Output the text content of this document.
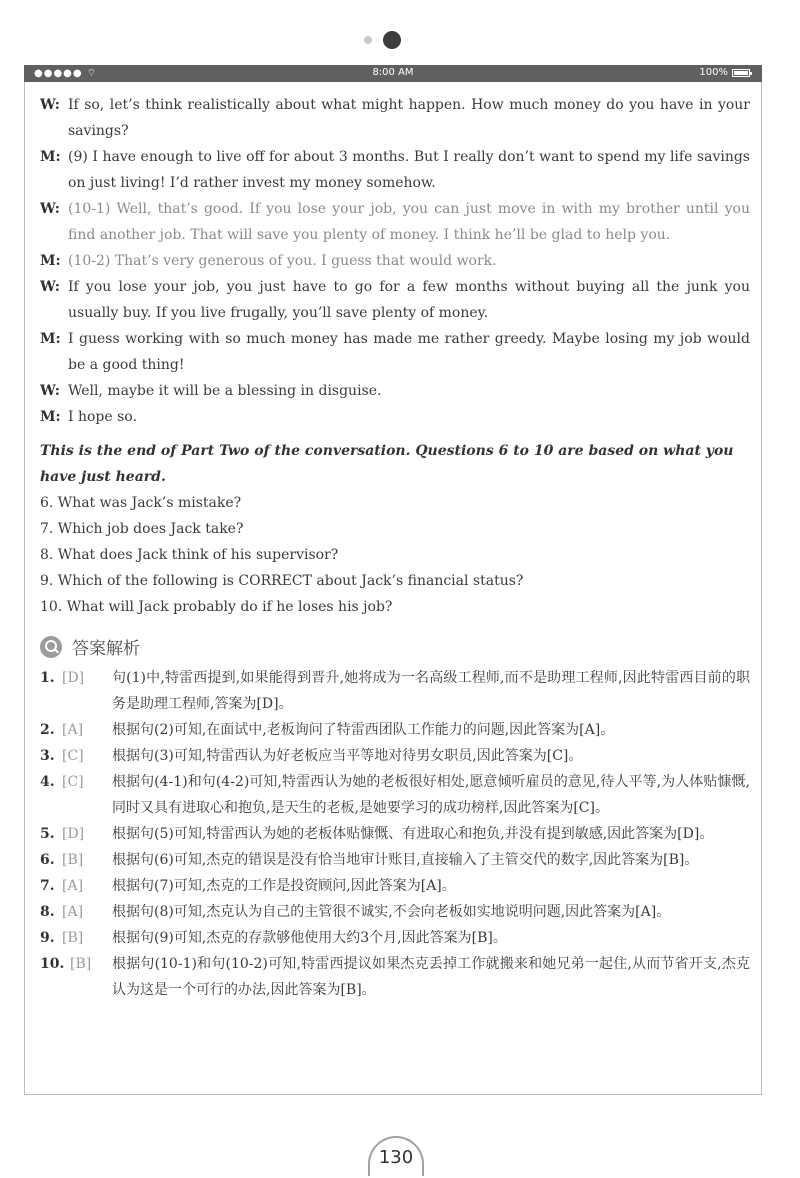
●●●●● ⌔	8:00 AM	100%
W: If so, let’s think realistically about what might happen. How much money do you have in your savings?
M: (9) I have enough to live off for about 3 months. But I really don’t want to spend my life savings on just living! I’d rather invest my money somehow.
W: (10-1) Well, that’s good. If you lose your job, you can just move in with my brother until you find another job. That will save you plenty of money. I think he’ll be glad to help you.
M: (10-2) That’s very generous of you. I guess that would work.
W: If you lose your job, you just have to go for a few months without buying all the junk you usually buy. If you live frugally, you’ll save plenty of money.
M: I guess working with so much money has made me rather greedy. Maybe losing my job would be a good thing!
W: Well, maybe it will be a blessing in disguise.
M: I hope so.
This is the end of Part Two of the conversation. Questions 6 to 10 are based on what you have just heard.
6. What was Jack’s mistake?
7. Which job does Jack take?
8. What does Jack think of his supervisor?
9. Which of the following is CORRECT about Jack’s financial status?
10. What will Jack probably do if he loses his job?
答案解析
1. [D] 句(1)中,特雷西提到,如果能得到晋升,她将成为一名高级工程师,而不是助理工程师,因此特雷西目前的职务是助理工程师,答案为[D]。
2. [A] 根据句(2)可知,在面试中,老板询问了特雷西团队工作能力的问题,因此答案为[A]。
3. [C] 根据句(3)可知,特雷西认为好老板应当平等地对待男女职员,因此答案为[C]。
4. [C] 根据句(4-1)和句(4-2)可知,特雷西认为她的老板很好相处,愿意倾听雇员的意见,待人平等,为人体贴慷慨,同时又具有进取心和抱负,是天生的老板,是她要学习的成功榜样,因此答案为[C]。
5. [D] 根据句(5)可知,特雷西认为她的老板体贴慷慨、有进取心和抱负,并没有提到敏感,因此答案为[D]。
6. [B] 根据句(6)可知,杰克的错误是没有恰当地审计账目,直接输入了主管交代的数字,因此答案为[B]。
7. [A] 根据句(7)可知,杰克的工作是投资顾问,因此答案为[A]。
8. [A] 根据句(8)可知,杰克认为自己的主管很不诚实,不会向老板如实地说明问题,因此答案为[A]。
9. [B] 根据句(9)可知,杰克的存款够他使用大约3个月,因此答案为[B]。
10. [B] 根据句(10-1)和句(10-2)可知,特雷西提议如果杰克丢掉工作就搬来和她兄弟一起住,从而节省开支,杰克认为这是一个可行的办法,因此答案为[B]。
130
